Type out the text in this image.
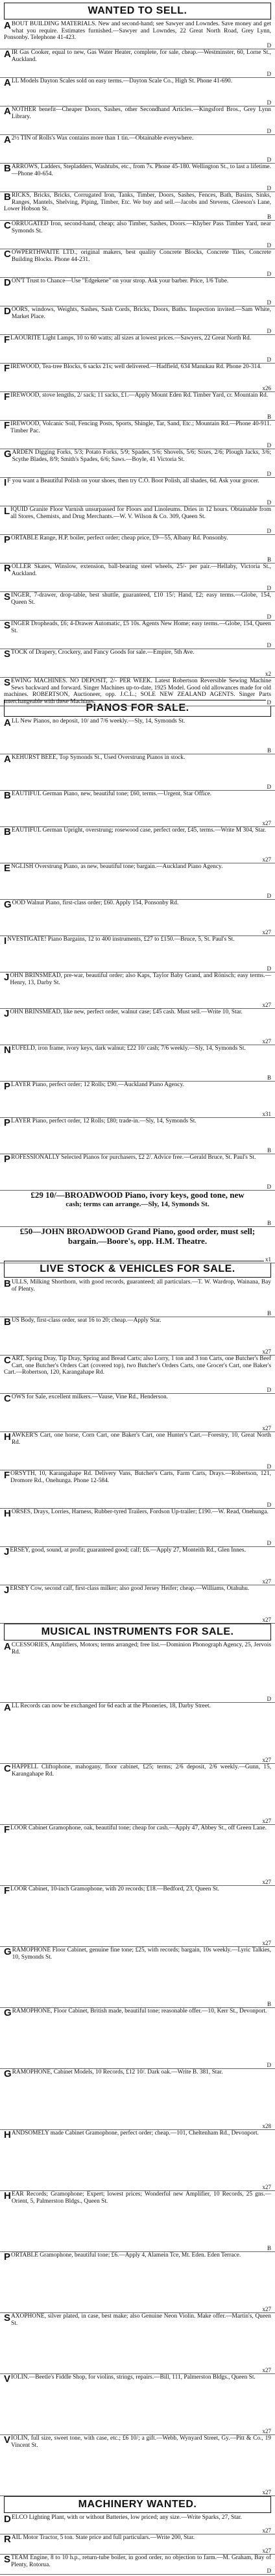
WANTED TO SELL.
ABOUT BUILDING MATERIALS. New and second-hand; see Sawyer and Lowndes. Save money and get what you require. Estimates furnished.—Sawyer and Lowndes, 22 Great North Road, Grey Lynn, Ponsonby. Telephone 41-423.
D
AIR Gas Cooker, equal to new, Gas Water Heater, complete, for sale, cheap.—Westminster, 60, Lorne St., Auckland.
D
ALL Models Dayton Scales sold on easy terms.—Dayton Scale Co., High St. Phone 41-690.
D
ANOTHER benefit—Cheaper Doors, Sashes, other Secondhand Articles.—Kingsford Bros., Grey Lynn Library.
D
A 2½ TIN of Rolls's Wax contains more than 1 tin.—Obtainable everywhere.
D
BARROWS, Ladders, Stepladders, Washtubs, etc., from 7s. Phone 45-180. Wellington St., to last a lifetime.—Phone 40-654.
D
BRICKS, Bricks, Bricks, Corrugated Iron, Tanks, Timber, Doors, Sashes, Fences, Bath, Basins, Sinks, Ranges, Mantels, Shelving, Piping, Timber, Etc. We buy and sell.—Jacobs and Stevens, Gleeson's Lane, Lower Hobson St.
B
CORRUGATED Iron, second-hand, cheap; also Timber, Sashes, Doors.—Khyber Pass Timber Yard, near Symonds St.
D
COWPERTHWAITE LTD., original makers, best quality Concrete Blocks, Concrete Tiles, Concrete Building Blocks. Phone 44-231.
D
DON'T Trust to Chance—Use "Edgekene" on your strop. Ask your barber. Price, 1/6 Tube.
D
DOORS, windows, Weights, Sashes, Sash Cords, Bricks, Doors, Baths. Inspection invited.—Sam White, Market Place.
D
FLAOURITE Light Lamps, 10 to 60 watts; all sizes at lowest prices.—Sawyers, 22 Great North Rd.
D
FIREWOOD, Tea-tree Blocks, 6 sacks 21s; well delivered.—Hadfield, 634 Manukau Rd. Phone 20-314.
x26
FIREWOOD, stove lengths, 2/ sack; 11 sacks, £1.—Apply Mount Eden Rd. Timber Yard, cr. Mountain Rd.
B
FIREWOOD, Volcanic Soil, Fencing Posts, Sports, Shingle, Tar, Sand, Etc.; Mountain Rd.—Phone 40-911. Timber Pac.
D
GARDEN Digging Forks, 5/3; Potato Forks, 5/9; Spades, 5/6; Shovels, 5/6; Sixes, 2/6; Plough Jacks, 3/6; Scythe Blades, 8/9; Smith's Spades, 6/6; Saws.—Boyle, 41 Victoria St.
D
I F you want a Beautiful Polish on your shoes, then try C.O. Boot Polish, all shades, 6d. Ask your grocer.
D
LIQUID Granite Floor Varnish unsurpassed for Floors and Linoleums. Dries in 12 hours. Obtainable from all Stores, Chemists, and Drug Merchants.—W. V. Wilson & Co. 309, Queen St.
D
PORTABLE Range, H.P. boiler, perfect order; cheap price, £9—55, Albany Rd. Ponsonby.
B
ROLLER Skates, Winslow, extension, ball-bearing steel wheels, 25/- per pair.—Hellaby, Victoria St., Auckland.
D
SINGER, 7-drawer, drop-table, best shuttle, guaranteed, £10 15/; Hand, £2; easy terms.—Globe, 154, Queen St.
D
SINGER Dropheads, £6; 4-Drawer Automatic, £5 10s. Agents New Home; easy terms.—Globe, 154, Queen St.
D
STOCK of Drapery, Crockery, and Fancy Goods for sale.—Empire, 5th Ave.
x2
SEWING MACHINES. NO DEPOSIT, 2/- PER WEEK. Latest Robertson Reversible Sewing Machine Sews backward and forward. Singer Machines up-to-date, 1925 Model. Good old allowances made for old machines. ROBERTSON, Auctioneer, opp. J.C.L.; SOLE NEW ZEALAND AGENTS. Singer Parts interchangeable with these Machines.	D
PIANOS FOR SALE.
ALL New Pianos, no deposit, 10/ and 7/6 weekly.—Sly, 14, Symonds St.
B
AKEHURST BEEE, Top Symonds St., Used Overstrung Pianos in stock.
D
BEAUTIFUL German Piano, new, beautiful tone; £60, terms.—Urgent, Star Office.
x27
BEAUTIFUL German Upright, overstrung; rosewood case, perfect order, £45, terms.—Write M 304, Star.
x27
ENGLISH Overstrung Piano, as new, beautiful tone; bargain.—Auckland Piano Agency.
D
GOOD Walnut Piano, first-class order; £60. Apply 154, Ponsonby Rd.
x27
INVESTIGATE! Piano Bargains, 12 to 400 instruments, £27 to £150.—Bruce, 5, St. Paul's St.
D
JOHN BRINSMEAD, pre-war, beautiful order; also Kaps, Taylor Baby Grand, and Rönisch; easy terms.—Henry, 13, Darby St.
x27
JOHN BRINSMEAD, like new, perfect order, walnut case; £45 cash. Must sell.—Write 10, Star.
x27
NEUFELD, iron frame, ivory keys, dark walnut; £22 10/ cash; 7/6 weekly.—Sly, 14, Symonds St.
B
PLAYER Piano, perfect order; 12 Rolls; £90.—Auckland Piano Agency.
x31
PLAYER Piano, perfect order, 12 Rolls; £80; trade-in.—Sly, 14, Symonds St.
B
PROFESSIONALLY Selected Pianos for purchasers, £2 2/. Advice free.—Gerald Bruce, St. Paul's St.
D
£29 10/—BROADWOOD Piano, ivory keys, good tone, new
cash; terms can arrange.—Sly, 14, Symonds St.
B
£50—JOHN BROADWOOD Grand Piano, good order, must sell; bargain.—Boore's, opp. H.M. Theatre.
x1
LIVE STOCK & VEHICLES FOR SALE.
BULLS, Milking Shorthorn, with good records, guaranteed; all particulars.—T. W. Wardrop, Wainana, Bay of Plenty.
B
BUS Body, first-class order, seat 16 to 20; cheap.—Apply Star.
x27
CART, Spring Dray, Tip Dray, Spring and Bread Carts; also Lorry, 1 ton and 3 ton Carts, one Butcher's Beef Cart, one Butcher's Orders Cart (covered top), two Butcher's Orders Carts, one Grocer's Cart, one Baker's Cart.—Robertson, 120, Karangahape Rd.
D
COWS for Sale, excellent milkers.—Vause, Vine Rd., Henderson.
x27
HAWKER'S Cart, one horse, Corn Cart, one Baker's Cart, one Hunter's Cart.—Forestry, 10, Great North Rd.
D
FORSYTH, 10, Karangahape Rd. Delivery Vans, Butcher's Carts, Farm Carts, Drays.—Robertson, 121, Dromore Rd., Onehunga. Phone 12-584.
D
HORSES, Drays, Lorries, Harness, Rubber-tyred Trailers, Fordson Up-trailer; £190.—W. Read, Onehunga.
D
JERSEY, good, sound, at profit; guaranteed good; calf; £6.—Apply 27, Monteith Rd., Glen Innes.
x27
JERSEY Cow, second calf, first-class milker; also good Jersey Heifer; cheap.—Williams, Otahuhu.
x27
MUSICAL INSTRUMENTS FOR SALE.
ACCESSORIES, Amplifiers, Motors; terms arranged; free list.—Dominion Phonograph Agency, 25, Jervois Rd.
D
ALL Records can now be exchanged for 6d each at the Phoneries, 18, Darby Street.
x27
CHAPPELL Cliftophone, mahogany, floor cabinet, £25; terms; 2/6 deposit, 2/6 weekly.—Gunn, 15, Karangahape Rd.
x27
FLOOR Cabinet Gramophone, oak, beautiful tone; cheap for cash.—Apply 47, Abbey St., off Green Lane.
x27
FLOOR Cabinet, 10-inch Gramophone, with 20 records; £18.—Bedford, 23, Queen St.
x27
GRAMOPHONE Floor Cabinet, genuine fine tone; £25, with records; bargain, 10s weekly.—Lyric Talkies, 10, Symonds St.
B
GRAMOPHONE, Floor Cabinet, British made, beautiful tone; reasonable offer.—10, Kerr St., Devonport.
D
GRAMOPHONE, Cabinet Models, 10 Records, £12 10/. Dark oak.—Write B. 381, Star.
x28
HANDSOMELY made Cabinet Gramophone, perfect order; cheap.—101, Cheltenham Rd., Devonport.
x27
HEAR Records; Gramophone; Expert; lowest prices; Wonderful new Amplifier, 10 Records, 25 gns.—Orient, 5, Palmerston Bldgs., Queen St.
B
PORTABLE Gramophone, beautiful tone; £6.—Apply 4, Alamein Tce, Mt. Eden. Eden Terrace.
x27
SAXOPHONE, silver plated, in case, best make; also Genuine Neon Violin. Make offer.—Martin's, Queen St.
x27
VIOLIN.—Beetle's Fiddle Shop, for violins, strings, repairs.—Bill, 111, Palmerston Bldgs., Queen St.
x27
VIOLIN, full size, sweet tone, with case, etc.; £6 10/; a gift.—Webb, Wynyard Street, Gy.—Pitt & Co., 19 Vincent St.
x27
MACHINERY WANTED.
DELCO Lighting Plant, with or without Batteries, low priced; any size.—Write Sparks, 27, Star.
x27
RAIL Motor Tractor, 5 ton. State price and full particulars.—Write 200, Star.
x27
STEAM Engine, 8 to 10 h.p., return-tube boiler, in good order, no objection to farm.—M. Graham, Bay of Plenty, Rotorua.
D
